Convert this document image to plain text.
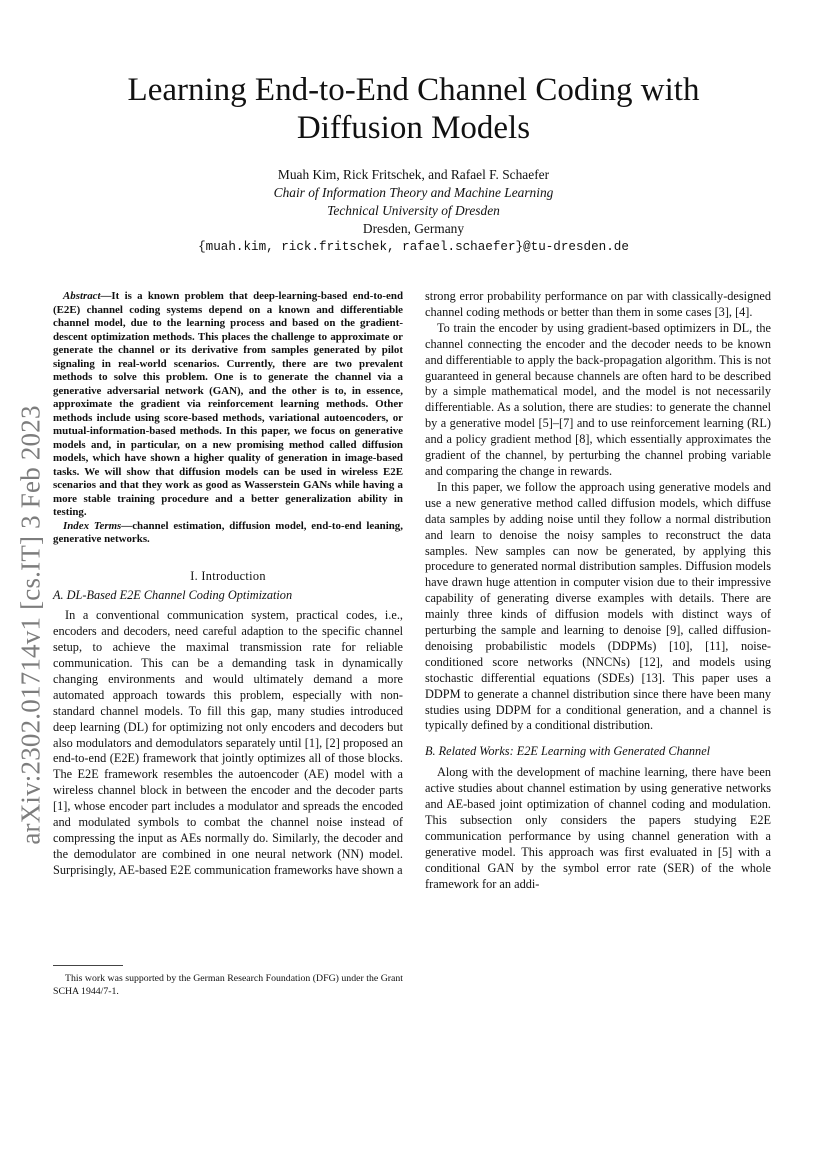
arXiv:2302.01714v1 [cs.IT] 3 Feb 2023
Learning End-to-End Channel Coding with
Diffusion Models
Muah Kim, Rick Fritschek, and Rafael F. Schaefer
Chair of Information Theory and Machine Learning
Technical University of Dresden
Dresden, Germany
{muah.kim, rick.fritschek, rafael.schaefer}@tu-dresden.de

Abstract—It is a known problem that deep-learning-based end-to-end (E2E) channel coding systems depend on a known and differentiable channel model, due to the learning process and based on the gradient-descent optimization methods. This places the challenge to approximate or generate the channel or its derivative from samples generated by pilot signaling in real-world scenarios. Currently, there are two prevalent methods to solve this problem. One is to generate the channel via a generative adversarial network (GAN), and the other is to, in essence, approximate the gradient via reinforcement learning methods. Other methods include using score-based methods, variational autoencoders, or mutual-information-based methods. In this paper, we focus on generative models and, in particular, on a new promising method called diffusion models, which have shown a higher quality of generation in image-based tasks. We will show that diffusion models can be used in wireless E2E scenarios and that they work as good as Wasserstein GANs while having a more stable training procedure and a better generalization ability in testing.

Index Terms—channel estimation, diffusion model, end-to-end leaning, generative networks.

I. Introduction
A. DL-Based E2E Channel Coding Optimization

In a conventional communication system, practical codes, i.e., encoders and decoders, need careful adaption to the specific channel setup, to achieve the maximal transmission rate for reliable communication. This can be a demanding task in dynamically changing environments and would ultimately demand a more automated approach towards this problem, especially with non-standard channel models. To fill this gap, many studies introduced deep learning (DL) for optimizing not only encoders and decoders but also modulators and demodulators separately until [1], [2] proposed an end-to-end (E2E) framework that jointly optimizes all of those blocks. The E2E framework resembles the autoencoder (AE) model with a wireless channel block in between the encoder and the decoder parts [1], whose encoder part includes a modulator and spreads the encoded and modulated symbols to combat the channel noise instead of compressing the input as AEs normally do. Similarly, the decoder and the demodulator are combined in one neural network (NN) model. Surprisingly, AE-based E2E communication frameworks have shown a

strong error probability performance on par with classically-designed channel coding methods or better than them in some cases [3], [4].

To train the encoder by using gradient-based optimizers in DL, the channel connecting the encoder and the decoder needs to be known and differentiable to apply the back-propagation algorithm. This is not guaranteed in general because channels are often hard to be described by a simple mathematical model, and the model is not necessarily differentiable. As a solution, there are studies: to generate the channel by a generative model [5]–[7] and to use reinforcement learning (RL) and a policy gradient method [8], which essentially approximates the gradient of the channel, by perturbing the channel probing variable and comparing the change in rewards.

In this paper, we follow the approach using generative models and use a new generative method called diffusion models, which diffuse data samples by adding noise until they follow a normal distribution and learn to denoise the noisy samples to reconstruct the data samples. New samples can now be generated, by applying this procedure to generated normal distribution samples. Diffusion models have drawn huge attention in computer vision due to their impressive capability of generating diverse examples with details. There are mainly three kinds of diffusion models with distinct ways of perturbing the sample and learning to denoise [9], called diffusion-denoising probabilistic models (DDPMs) [10], [11], noise-conditioned score networks (NNCNs) [12], and models using stochastic differential equations (SDEs) [13]. This paper uses a DDPM to generate a channel distribution since there have been many studies using DDPM for a conditional generation, and a channel is typically defined by a conditional distribution.

B. Related Works: E2E Learning with Generated Channel

Along with the development of machine learning, there have been active studies about channel estimation by using generative networks and AE-based joint optimization of channel coding and modulation. This subsection only considers the papers studying E2E communication performance by using channel generation with a generative model. This approach was first evaluated in [5] with a conditional GAN by the symbol error rate (SER) of the whole framework for an addi-

This work was supported by the German Research Foundation (DFG) under the Grant SCHA 1944/7-1.
